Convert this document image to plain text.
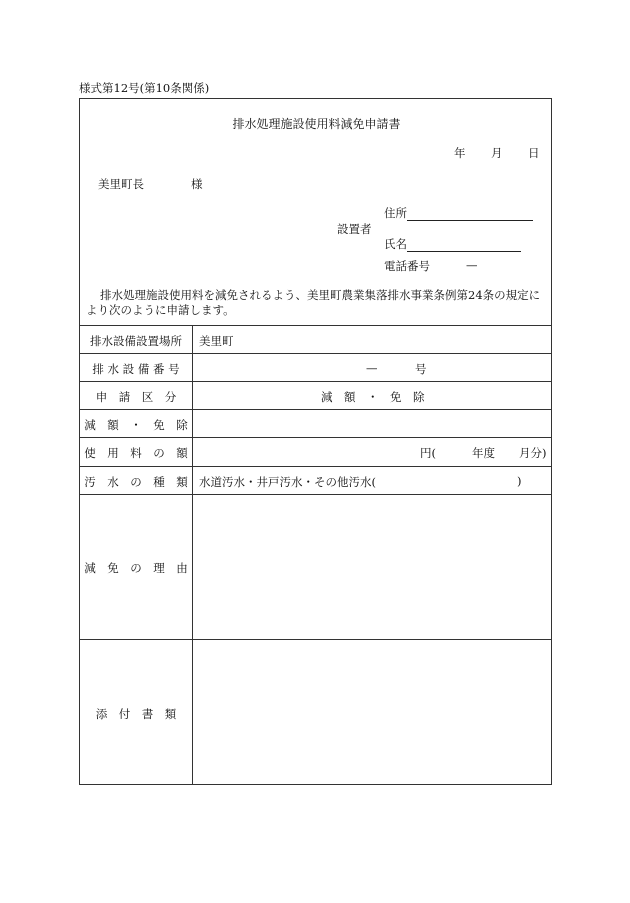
様式第12号(第10条関係)
排水処理施設使用料減免申請書
年 月 日
美里町長	様
設置者
住所
氏名
電話番号	—
排水処理施設使用料を減免されるよう、美里町農業集落排水事業条例第24条の規定により次のように申請します。
排水設備設置場所	美里町
排 水 設 備 番 号	—	号
申　請　区　分	減　額　・　免　除
減　額　・　免　除
使　用　料　の　額	円(	年度 月分)
汚　水　の　種　類 水道汚水・井戸汚水・その他汚水(	)
減　免　の　理　由
添　付　書　類
